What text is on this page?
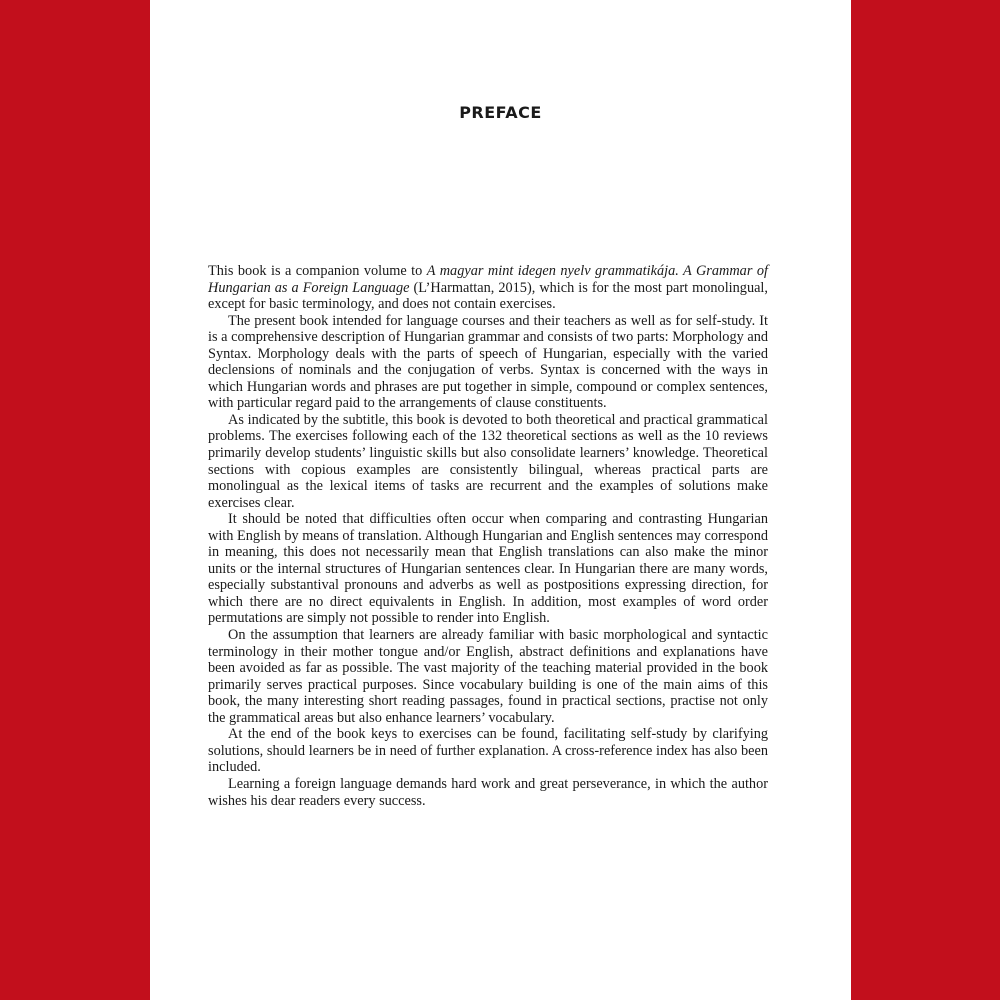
PREFACE

This book is a companion volume to A magyar mint idegen nyelv grammatikája. A Grammar of Hungarian as a Foreign Language (L’Harmattan, 2015), which is for the most part monolingual, except for basic terminology, and does not contain exercises.

The present book intended for language courses and their teachers as well as for self-study. It is a comprehensive description of Hungarian grammar and consists of two parts: Morphology and Syntax. Morphology deals with the parts of speech of Hungarian, especially with the varied declensions of nominals and the conjugation of verbs. Syntax is concerned with the ways in which Hungarian words and phrases are put together in simple, compound or complex sentences, with particular regard paid to the arrangements of clause constituents.

As indicated by the subtitle, this book is devoted to both theoretical and practical grammatical problems. The exercises following each of the 132 theoretical sections as well as the 10 reviews primarily develop students’ linguistic skills but also consolidate learners’ knowledge. Theoretical sections with copious examples are consistently bilingual, whereas practical parts are monolingual as the lexical items of tasks are recurrent and the examples of solutions make exercises clear.

It should be noted that difficulties often occur when comparing and contrasting Hungarian with English by means of translation. Although Hungarian and English sentences may correspond in meaning, this does not necessarily mean that English translations can also make the minor units or the internal structures of Hungarian sentences clear. In Hungarian there are many words, especially substantival pronouns and adverbs as well as postpositions expressing direction, for which there are no direct equivalents in English. In addition, most examples of word order permutations are simply not possible to render into English.

On the assumption that learners are already familiar with basic morphological and syntactic terminology in their mother tongue and/or English, abstract definitions and explanations have been avoided as far as possible. The vast majority of the teaching material provided in the book primarily serves practical purposes. Since vocabulary building is one of the main aims of this book, the many interesting short reading passages, found in practical sections, practise not only the grammatical areas but also enhance learners’ vocabulary.

At the end of the book keys to exercises can be found, facilitating self-study by clarifying solutions, should learners be in need of further explanation. A cross-reference index has also been included.

Learning a foreign language demands hard work and great perseverance, in which the author wishes his dear readers every success.
